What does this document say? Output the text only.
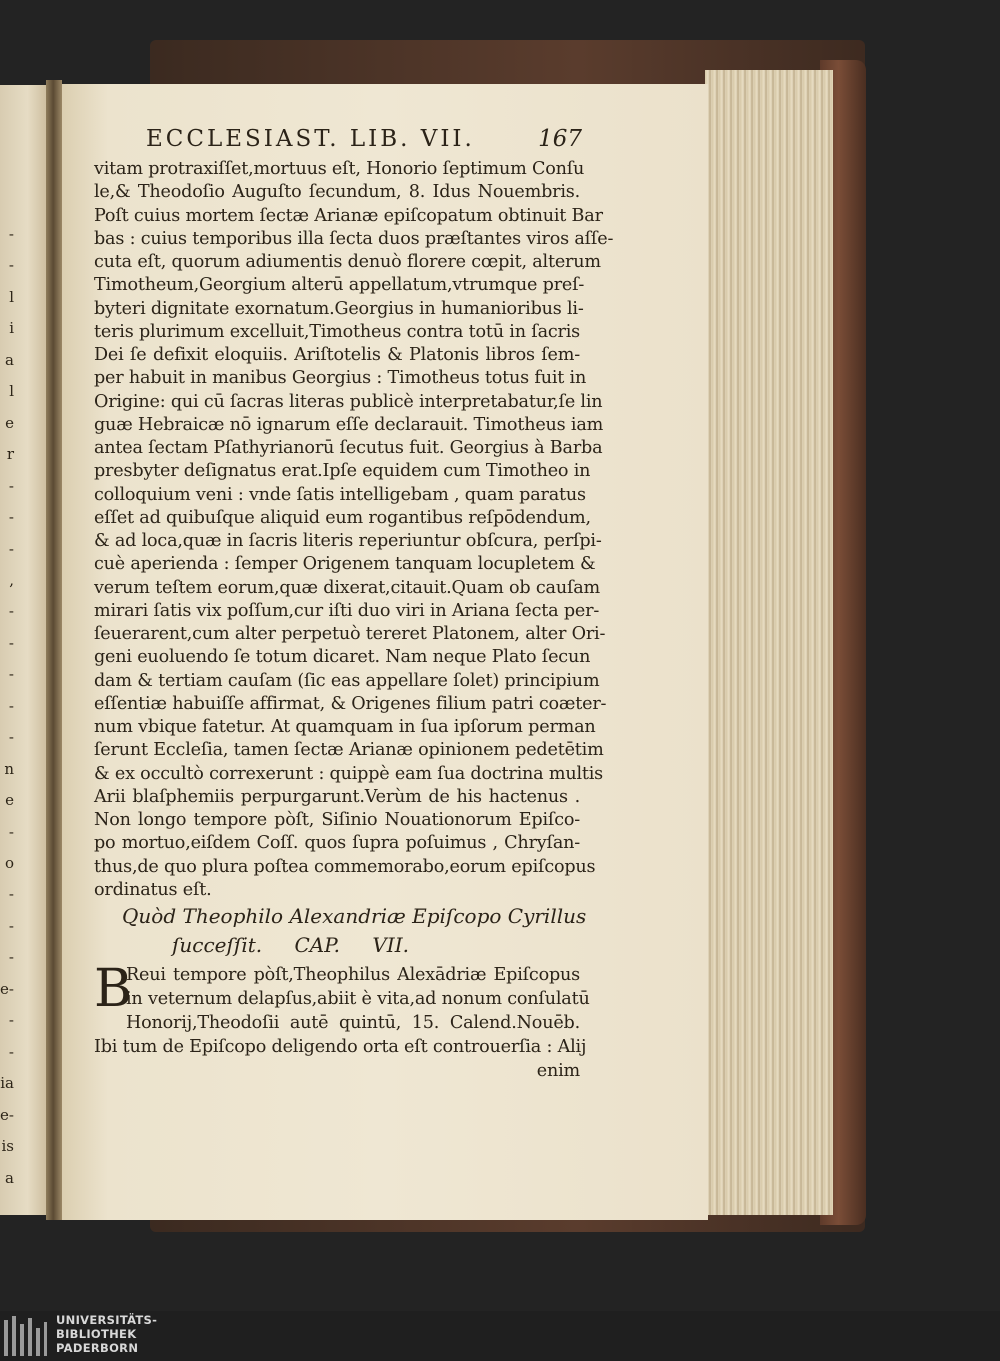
-
-
l
i
a
l
e
r
-
-
-
,
-
-
-
-
-
n
e
-
o
-
-
-
e-
-
-
ia
e-
is
a
ECCLESIAST. LIB. VII.	167
vitam protraxiſſet,mortuus eſt, Honorio ſeptimum Conſu
le,& Theodoſio Auguſto ſecundum, 8. Idus Nouembris.
Poſt cuius mortem ſectæ Arianæ epiſcopatum obtinuit Bar
bas : cuius temporibus illa ſecta duos præſtantes viros aſſe-
cuta eſt, quorum adiumentis denuò florere cœpit, alterum
Timotheum,Georgium alterū appellatum,vtrumque preſ-
byteri dignitate exornatum.Georgius in humanioribus li-
teris plurimum excelluit,Timotheus contra totū in ſacris
Dei ſe defixit eloquiis. Ariſtotelis & Platonis libros ſem-
per habuit in manibus Georgius : Timotheus totus fuit in
Origine: qui cū ſacras literas publicè interpretabatur,ſe lin
guæ Hebraicæ nō ignarum eſſe declarauit. Timotheus iam
antea ſectam Pſathyrianorū ſecutus fuit. Georgius à Barba
presbyter deſignatus erat.Ipſe equidem cum Timotheo in
colloquium veni : vnde ſatis intelligebam , quam paratus
eſſet ad quibuſque aliquid eum rogantibus reſpōdendum,
& ad loca,quæ in ſacris literis reperiuntur obſcura, perſpi-
cuè aperienda : ſemper Origenem tanquam locupletem &
verum teſtem eorum,quæ dixerat,citauit.Quam ob cauſam
mirari ſatis vix poſſum,cur iſti duo viri in Ariana ſecta per-
ſeuerarent,cum alter perpetuò tereret Platonem, alter Ori-
geni euoluendo ſe totum dicaret. Nam neque Plato ſecun
dam & tertiam cauſam (ſic eas appellare ſolet) principium
eſſentiæ habuiſſe affirmat, & Origenes filium patri coæter-
num vbique fatetur. At quamquam in ſua ipſorum perman
ſerunt Eccleſia, tamen ſectæ Arianæ opinionem pedetētim
& ex occultò correxerunt : quippè eam ſua doctrina multis
Arii blaſphemiis perpurgarunt.Verùm de his hactenus .
Non longo tempore pòſt, Siſinio Nouationorum Epiſco-
po mortuo,eiſdem Coſſ. quos ſupra poſuimus , Chryſan-
thus,de quo plura poſtea commemorabo,eorum epiſcopus
ordinatus eſt.
Quòd Theophilo Alexandriæ Epiſcopo Cyrillus
ſucceſſit. CAP. VII.
B
Reui tempore pòſt,Theophilus Alexādriæ Epiſcopus
in veternum delapſus,abiit è vita,ad nonum conſulatū
Honorij,Theodoſii autē quintū, 15. Calend.Nouēb.
Ibi tum de Epiſcopo deligendo orta eſt controuerſia : Alij
enim
UNIVERSITÄTS-
BIBLIOTHEK
PADERBORN
